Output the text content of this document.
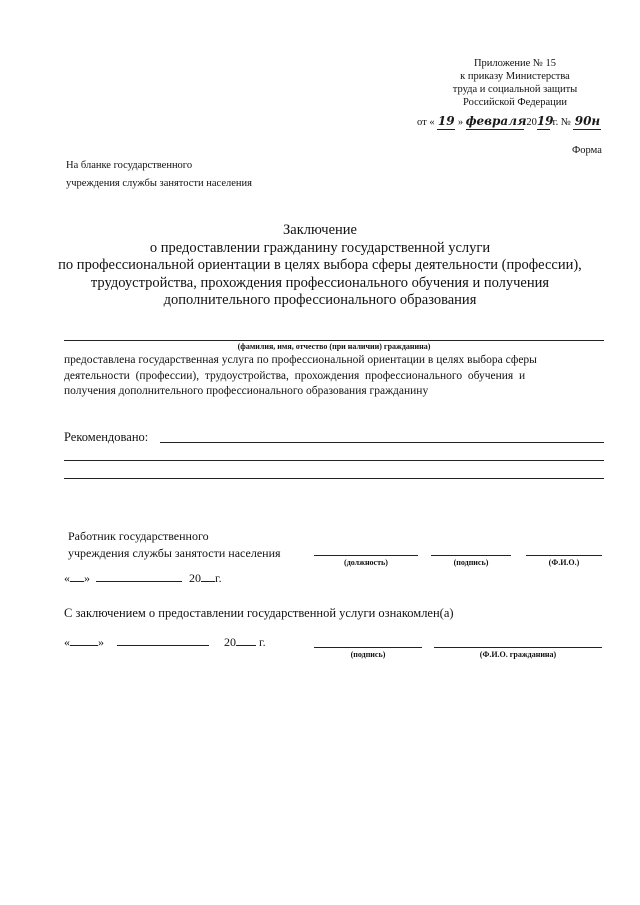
Приложение № 15
к приказу Министерства
труда и социальной защиты
Российской Федерации
от « 19 » февраля 2019 г. № 90н
Форма
На бланке государственного
учреждения службы занятости населения
Заключение
о предоставлении гражданину государственной услуги
по профессиональной ориентации в целях выбора сферы деятельности (профессии),
трудоустройства, прохождения профессионального обучения и получения
дополнительного профессионального образования
(фамилия, имя, отчество (при наличии) гражданина)
предоставлена государственная услуга по профессиональной ориентации в целях выбора сферы
деятельности  (профессии),  трудоустройства,  прохождения  профессионального  обучения  и
получения дополнительного профессионального образования гражданину
Рекомендовано:
Работник государственного
учреждения службы занятости населения
(должность)	(подпись)	(Ф.И.О.)
« »	20 г.
С заключением о предоставлении государственной услуги ознакомлен(а)
« »	20 г.
(подпись)	(Ф.И.О. гражданина)
